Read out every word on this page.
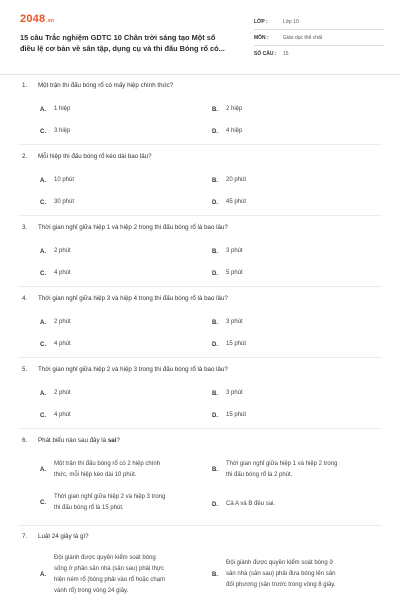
2048.vn
15 câu Trắc nghiệm GDTC 10 Chân trời sáng tạo Một số điều lệ cơ bản về sân tập, dụng cụ và thi đấu Bóng rổ có...
LỚP :	Lớp 10
MÔN :	Giáo dục thể chất
SỐ CÂU :	15
1. Một trận thi đấu bóng rổ có mấy hiệp chính thức?
A.	1 hiệp	B.	2 hiệp
C.	3 hiệp	D.	4 hiệp
2. Mỗi hiệp thi đấu bóng rổ kéo dài bao lâu?
A.	10 phút	B.	20 phút
C.	30 phút	D.	45 phút
3. Thời gian nghỉ giữa hiệp 1 và hiệp 2 trong thi đấu bóng rổ là bao lâu?
A.	2 phút	B.	3 phút
C.	4 phút	D.	5 phút
4. Thời gian nghỉ giữa hiệp 3 và hiệp 4 trong thi đấu bóng rổ là bao lâu?
A.	2 phút	B.	3 phút
C.	4 phút	D.	15 phút
5. Thời gian nghỉ giữa hiệp 2 và hiệp 3 trong thi đấu bóng rổ là bao lâu?
A.	2 phút	B.	3 phút
C.	4 phút	D.	15 phút
6. Phát biểu nào sau đây là sai?
A.
Một trận thi đấu bóng rổ có 2 hiệp chính
thức, mỗi hiệp kéo dài 10 phút.
B.
Thời gian nghỉ giữa hiệp 1 và hiệp 2 trong
thi đấu bóng rổ là 2 phút.
C.
Thời gian nghỉ giữa hiệp 2 và hiệp 3 trong
thi đấu bóng rổ là 15 phút.
D.	Cả A và B đều sai.
7. Luật 24 giây là gì?
A.
Đội giành được quyền kiểm soát bóng
sống ở phần sân nhà (sân sau) phải thực
hiện ném rổ (bóng phải vào rổ hoặc chạm
vành rổ) trong vòng 24 giây.
B.
Đội giành được quyền kiểm soát bóng ở
sân nhà (sân sau) phải đưa bóng lên sân
đối phương (sân trước trong vòng 8 giây.
